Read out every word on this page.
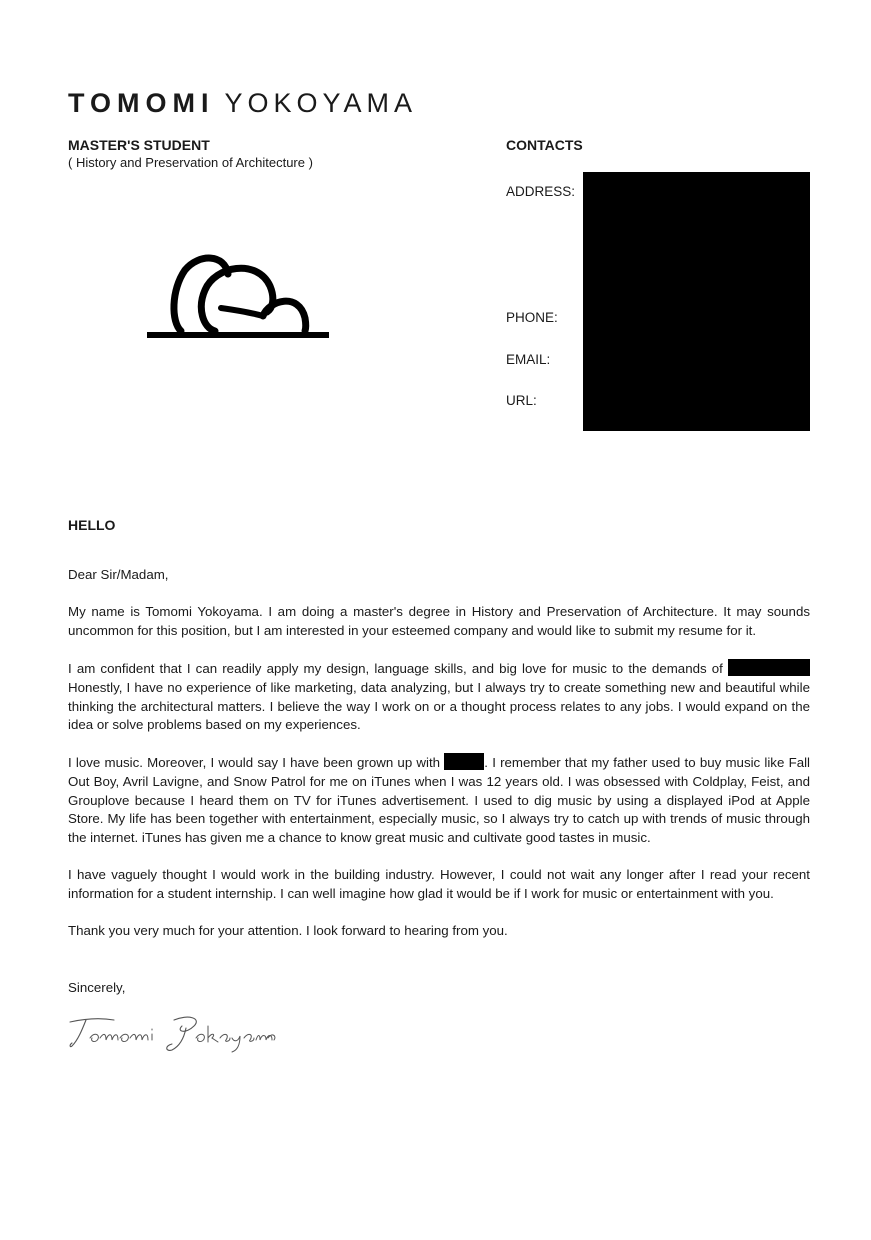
TOMOMI YOKOYAMA
MASTER'S STUDENT
( History and Preservation of Architecture )
CONTACTS
ADDRESS:
PHONE:
EMAIL:
URL:
HELLO
Dear Sir/Madam,
My name is Tomomi Yokoyama. I am doing a master's degree in History and Preservation of Architecture. It may sounds uncommon for this position, but I am interested in your esteemed company and would like to submit my resume for it.
I am confident that I can readily apply my design, language skills, and big love for music to the demands of  Honestly, I have no experience of like marketing, data analyzing, but I always try to create something new and beautiful while thinking the architectural matters. I believe the way I work on or a thought process relates to any jobs. I would expand on the idea or solve problems based on my experiences.
I love music. Moreover, I would say I have been grown up with	. I remember that my father used to buy music like Fall Out Boy, Avril Lavigne, and Snow Patrol for me on iTunes when I was 12 years old. I was obsessed with Coldplay, Feist, and Grouplove because I heard them on TV for iTunes advertisement. I used to dig music by using a displayed iPod at Apple Store. My life has been together with entertainment, especially music, so I always try to catch up with trends of music through the internet. iTunes has given me a chance to know great music and cultivate good tastes in music.
I have vaguely thought I would work in the building industry. However, I could not wait any longer after I read your recent information for a student internship. I can well imagine how glad it would be if I work for music or entertainment with you.
Thank you very much for your attention. I look forward to hearing from you.
Sincerely,
